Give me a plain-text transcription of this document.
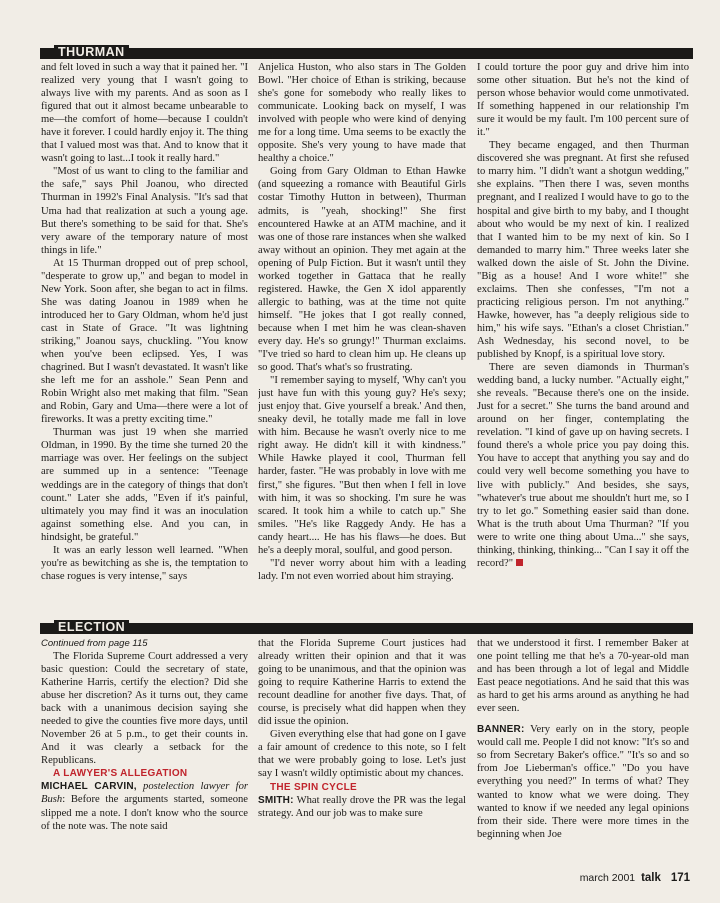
THURMAN

and felt loved in such a way that it pained her. "I realized very young that I wasn't going to always live with my parents. And as soon as I figured that out it almost became unbearable to me—the comfort of home—because I couldn't have it forever. I could hardly enjoy it. The thing that I valued most was that. And to know that it wasn't going to last...I took it really hard."

"Most of us want to cling to the familiar and the safe," says Phil Joanou, who directed Thurman in 1992's Final Analysis. "It's sad that Uma had that realization at such a young age. But there's something to be said for that. She's very aware of the temporary nature of most things in life."

At 15 Thurman dropped out of prep school, "desperate to grow up," and began to model in New York. Soon after, she began to act in films. She was dating Joanou in 1989 when he introduced her to Gary Oldman, whom he'd just cast in State of Grace. "It was lightning striking," Joanou says, chuckling. "You know when you've been eclipsed. Yes, I was chagrined. But I wasn't devastated. It wasn't like she left me for an asshole." Sean Penn and Robin Wright also met making that film. "Sean and Robin, Gary and Uma—there were a lot of fireworks. It was a pretty exciting time."

Thurman was just 19 when she married Oldman, in 1990. By the time she turned 20 the marriage was over. Her feelings on the subject are summed up in a sentence: "Teenage weddings are in the category of things that don't count." Later she adds, "Even if it's painful, ultimately you may find it was an inoculation against something else. And you can, in hindsight, be grateful."

It was an early lesson well learned. "When you're as bewitching as she is, the temptation to chase rogues is very intense," says

Anjelica Huston, who also stars in The Golden Bowl. "Her choice of Ethan is striking, because she's gone for somebody who really likes to communicate. Looking back on myself, I was involved with people who were kind of denying me for a long time. Uma seems to be exactly the opposite. She's very young to have made that healthy a choice."

Going from Gary Oldman to Ethan Hawke (and squeezing a romance with Beautiful Girls costar Timothy Hutton in between), Thurman admits, is "yeah, shocking!" She first encountered Hawke at an ATM machine, and it was one of those rare instances when she walked away without an opinion. They met again at the opening of Pulp Fiction. But it wasn't until they worked together in Gattaca that he really registered. Hawke, the Gen X idol apparently allergic to bathing, was at the time not quite himself. "He jokes that I got really conned, because when I met him he was clean-shaven every day. He's so grungy!" Thurman exclaims. "I've tried so hard to clean him up. He cleans up so good. That's what's so frustrating.

"I remember saying to myself, 'Why can't you just have fun with this young guy? He's sexy; just enjoy that. Give yourself a break.' And then, sneaky devil, he totally made me fall in love with him. Because he wasn't overly nice to me right away. He didn't kill it with kindness." While Hawke played it cool, Thurman fell harder, faster. "He was probably in love with me first," she figures. "But then when I fell in love with him, it was so shocking. I'm sure he was scared. It took him a while to catch up." She smiles. "He's like Raggedy Andy. He has a candy heart.... He has his flaws—he does. But he's a deeply moral, soulful, and good person.

"I'd never worry about him with a leading lady. I'm not even worried about him straying.

I could torture the poor guy and drive him into some other situation. But he's not the kind of person whose behavior would come unmotivated. If something happened in our relationship I'm sure it would be my fault. I'm 100 percent sure of it."

They became engaged, and then Thurman discovered she was pregnant. At first she refused to marry him. "I didn't want a shotgun wedding," she explains. "Then there I was, seven months pregnant, and I realized I would have to go to the hospital and give birth to my baby, and I thought about who would be my next of kin. I realized that I wanted him to be my next of kin. So I demanded to marry him." Three weeks later she walked down the aisle of St. John the Divine. "Big as a house! And I wore white!" she exclaims. Then she confesses, "I'm not a practicing religious person. I'm not anything." Hawke, however, has "a deeply religious side to him," his wife says. "Ethan's a closet Christian." Ash Wednesday, his second novel, to be published by Knopf, is a spiritual love story.

There are seven diamonds in Thurman's wedding band, a lucky number. "Actually eight," she reveals. "Because there's one on the inside. Just for a secret." She turns the band around and around on her finger, contemplating the revelation. "I kind of gave up on having secrets. I found there's a whole price you pay doing this. You have to accept that anything you say and do could very well become something you have to live with publicly." And besides, she says, "whatever's true about me shouldn't hurt me, so I try to let go." Something easier said than done. What is the truth about Uma Thurman? "If you were to write one thing about Uma..." she says, thinking, thinking, thinking... "Can I say it off the record?"

ELECTION

Continued from page 115

The Florida Supreme Court addressed a very basic question: Could the secretary of state, Katherine Harris, certify the election? Did she abuse her discretion? As it turns out, they came back with a unanimous decision saying she needed to give the counties five more days, until November 26 at 5 p.m., to get their counts in. And it was clearly a setback for the Republicans.

A LAWYER'S ALLEGATION

MICHAEL CARVIN, postelection lawyer for Bush: Before the arguments started, someone slipped me a note. I don't know who the source of the note was. The note said

that the Florida Supreme Court justices had already written their opinion and that it was going to be unanimous, and that the opinion was going to require Katherine Harris to extend the recount deadline for another five days. That, of course, is precisely what did happen when they did issue the opinion.

Given everything else that had gone on I gave a fair amount of credence to this note, so I felt that we were probably going to lose. Let's just say I wasn't wildly optimistic about my chances.

THE SPIN CYCLE

SMITH: What really drove the PR was the legal strategy. And our job was to make sure

that we understood it first. I remember Baker at one point telling me that he's a 70-year-old man and has been through a lot of legal and Middle East peace negotiations. And he said that this was as hard to get his arms around as anything he had ever seen.

BANNER: Very early on in the story, people would call me. People I did not know: "It's so and so from Secretary Baker's office." "It's so and so from Joe Lieberman's office." "Do you have everything you need?" In terms of what? They wanted to know what we were doing. They wanted to know if we needed any legal opinions from their side. There were more times in the beginning when Joe

march 2001 talk 171
